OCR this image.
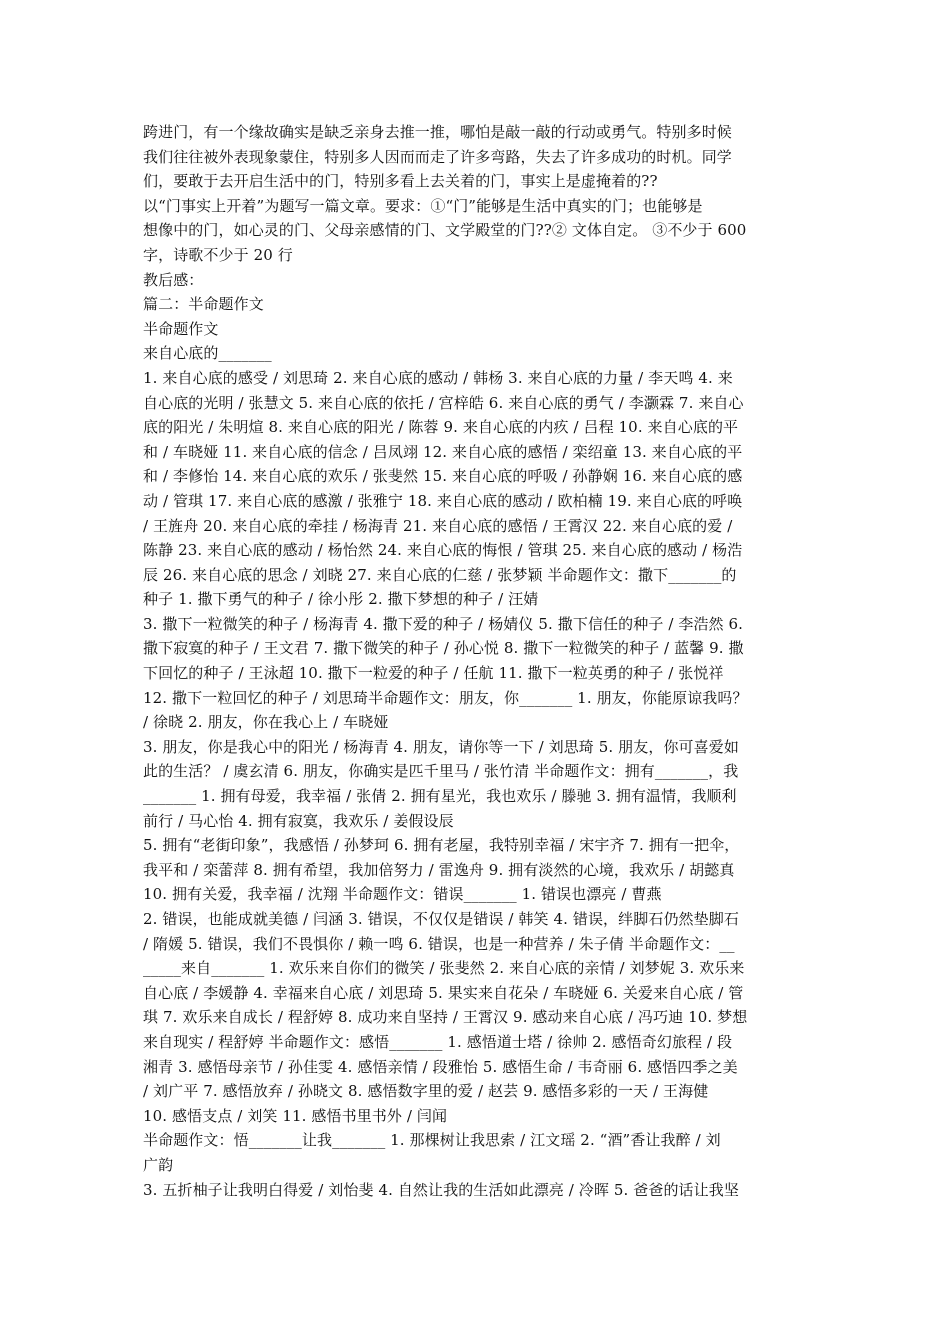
跨进门，有一个缘故确实是缺乏亲身去推一推，哪怕是敲一敲的行动或勇气。特别多时候
我们往往被外表现象蒙住，特别多人因而而走了许多弯路，失去了许多成功的时机。同学
们，要敢于去开启生活中的门，特别多看上去关着的门，事实上是虚掩着的??
以“门事实上开着”为题写一篇文章。要求：①“门”能够是生活中真实的门；也能够是
想像中的门，如心灵的门、父母亲感情的门、文学殿堂的门??② 文体自定。 ③不少于 600
字，诗歌不少于 20 行
教后感：
篇二：半命题作文
半命题作文
来自心底的_______
1. 来自心底的感受 / 刘思琦 2. 来自心底的感动 / 韩杨 3. 来自心底的力量 / 李天鸣 4. 来
自心底的光明 / 张慧文 5. 来自心底的依托 / 宫梓皓 6. 来自心底的勇气 / 李灏霖 7. 来自心
底的阳光 / 朱明煊 8. 来自心底的阳光 / 陈蓉 9. 来自心底的内疚 / 吕程 10. 来自心底的平
和 / 车晓娅 11. 来自心底的信念 / 吕凤翊 12. 来自心底的感悟 / 栾绍童 13. 来自心底的平
和 / 李修怡 14. 来自心底的欢乐 / 张斐然 15. 来自心底的呼吸 / 孙静娴 16. 来自心底的感
动 / 管琪 17. 来自心底的感激 / 张雅宁 18. 来自心底的感动 / 欧柏楠 19. 来自心底的呼唤
/ 王旌舟 20. 来自心底的牵挂 / 杨海青 21. 来自心底的感悟 / 王霄汉 22. 来自心底的爱 /
陈静 23. 来自心底的感动 / 杨怡然 24. 来自心底的悔恨 / 管琪 25. 来自心底的感动 / 杨浩
辰 26. 来自心底的思念 / 刘晓 27. 来自心底的仁慈 / 张梦颖 半命题作文：撒下_______的
种子 1. 撒下勇气的种子 / 徐小彤 2. 撒下梦想的种子 / 汪婧
3. 撒下一粒微笑的种子 / 杨海青 4. 撒下爱的种子 / 杨婧仪 5. 撒下信任的种子 / 李浩然 6.
撒下寂寞的种子 / 王文君 7. 撒下微笑的种子 / 孙心悦 8. 撒下一粒微笑的种子 / 蓝馨 9. 撒
下回忆的种子 / 王泳超 10. 撒下一粒爱的种子 / 任航 11. 撒下一粒英勇的种子 / 张悦祥
12. 撒下一粒回忆的种子 / 刘思琦半命题作文：朋友，你_______ 1. 朋友，你能原谅我吗？
/ 徐晓 2. 朋友，你在我心上 / 车晓娅
3. 朋友，你是我心中的阳光 / 杨海青 4. 朋友，请你等一下 / 刘思琦 5. 朋友，你可喜爱如
此的生活？ / 虞玄清 6. 朋友，你确实是匹千里马 / 张竹清 半命题作文：拥有_______，我
_______ 1. 拥有母爱，我幸福 / 张倩 2. 拥有星光，我也欢乐 / 滕驰 3. 拥有温情，我顺利
前行 / 马心怡 4. 拥有寂寞，我欢乐 / 姜假设辰
5. 拥有“老街印象”，我感悟 / 孙梦珂 6. 拥有老屋，我特别幸福 / 宋宇齐 7. 拥有一把伞，
我平和 / 栾蕾萍 8. 拥有希望，我加倍努力 / 雷逸舟 9. 拥有淡然的心境，我欢乐 / 胡懿真
10. 拥有关爱，我幸福 / 沈翔 半命题作文：错误_______ 1. 错误也漂亮 / 曹燕
2. 错误，也能成就美德 / 闫涵 3. 错误，不仅仅是错误 / 韩笑 4. 错误，绊脚石仍然垫脚石
/ 隋媛 5. 错误，我们不畏惧你 / 赖一鸣 6. 错误，也是一种营养 / 朱子倩 半命题作文：__
_____来自_______ 1. 欢乐来自你们的微笑 / 张斐然 2. 来自心底的亲情 / 刘梦妮 3. 欢乐来
自心底 / 李媛静 4. 幸福来自心底 / 刘思琦 5. 果实来自花朵 / 车晓娅 6. 关爱来自心底 / 管
琪 7. 欢乐来自成长 / 程舒婷 8. 成功来自坚持 / 王霄汉 9. 感动来自心底 / 冯巧迪 10. 梦想
来自现实 / 程舒婷 半命题作文：感悟_______ 1. 感悟道士塔 / 徐帅 2. 感悟奇幻旅程 / 段
湘青 3. 感悟母亲节 / 孙佳雯 4. 感悟亲情 / 段雅怡 5. 感悟生命 / 韦奇丽 6. 感悟四季之美
/ 刘广平 7. 感悟放弃 / 孙晓文 8. 感悟数字里的爱 / 赵芸 9. 感悟多彩的一天 / 王海健
10. 感悟支点 / 刘笑 11. 感悟书里书外 / 闫闻
半命题作文：悟_______让我_______ 1. 那棵树让我思索 / 江文瑶 2. “酒”香让我醉 / 刘
广韵
3. 五折柚子让我明白得爱 / 刘怡斐 4. 自然让我的生活如此漂亮 / 冷晖 5. 爸爸的话让我坚
